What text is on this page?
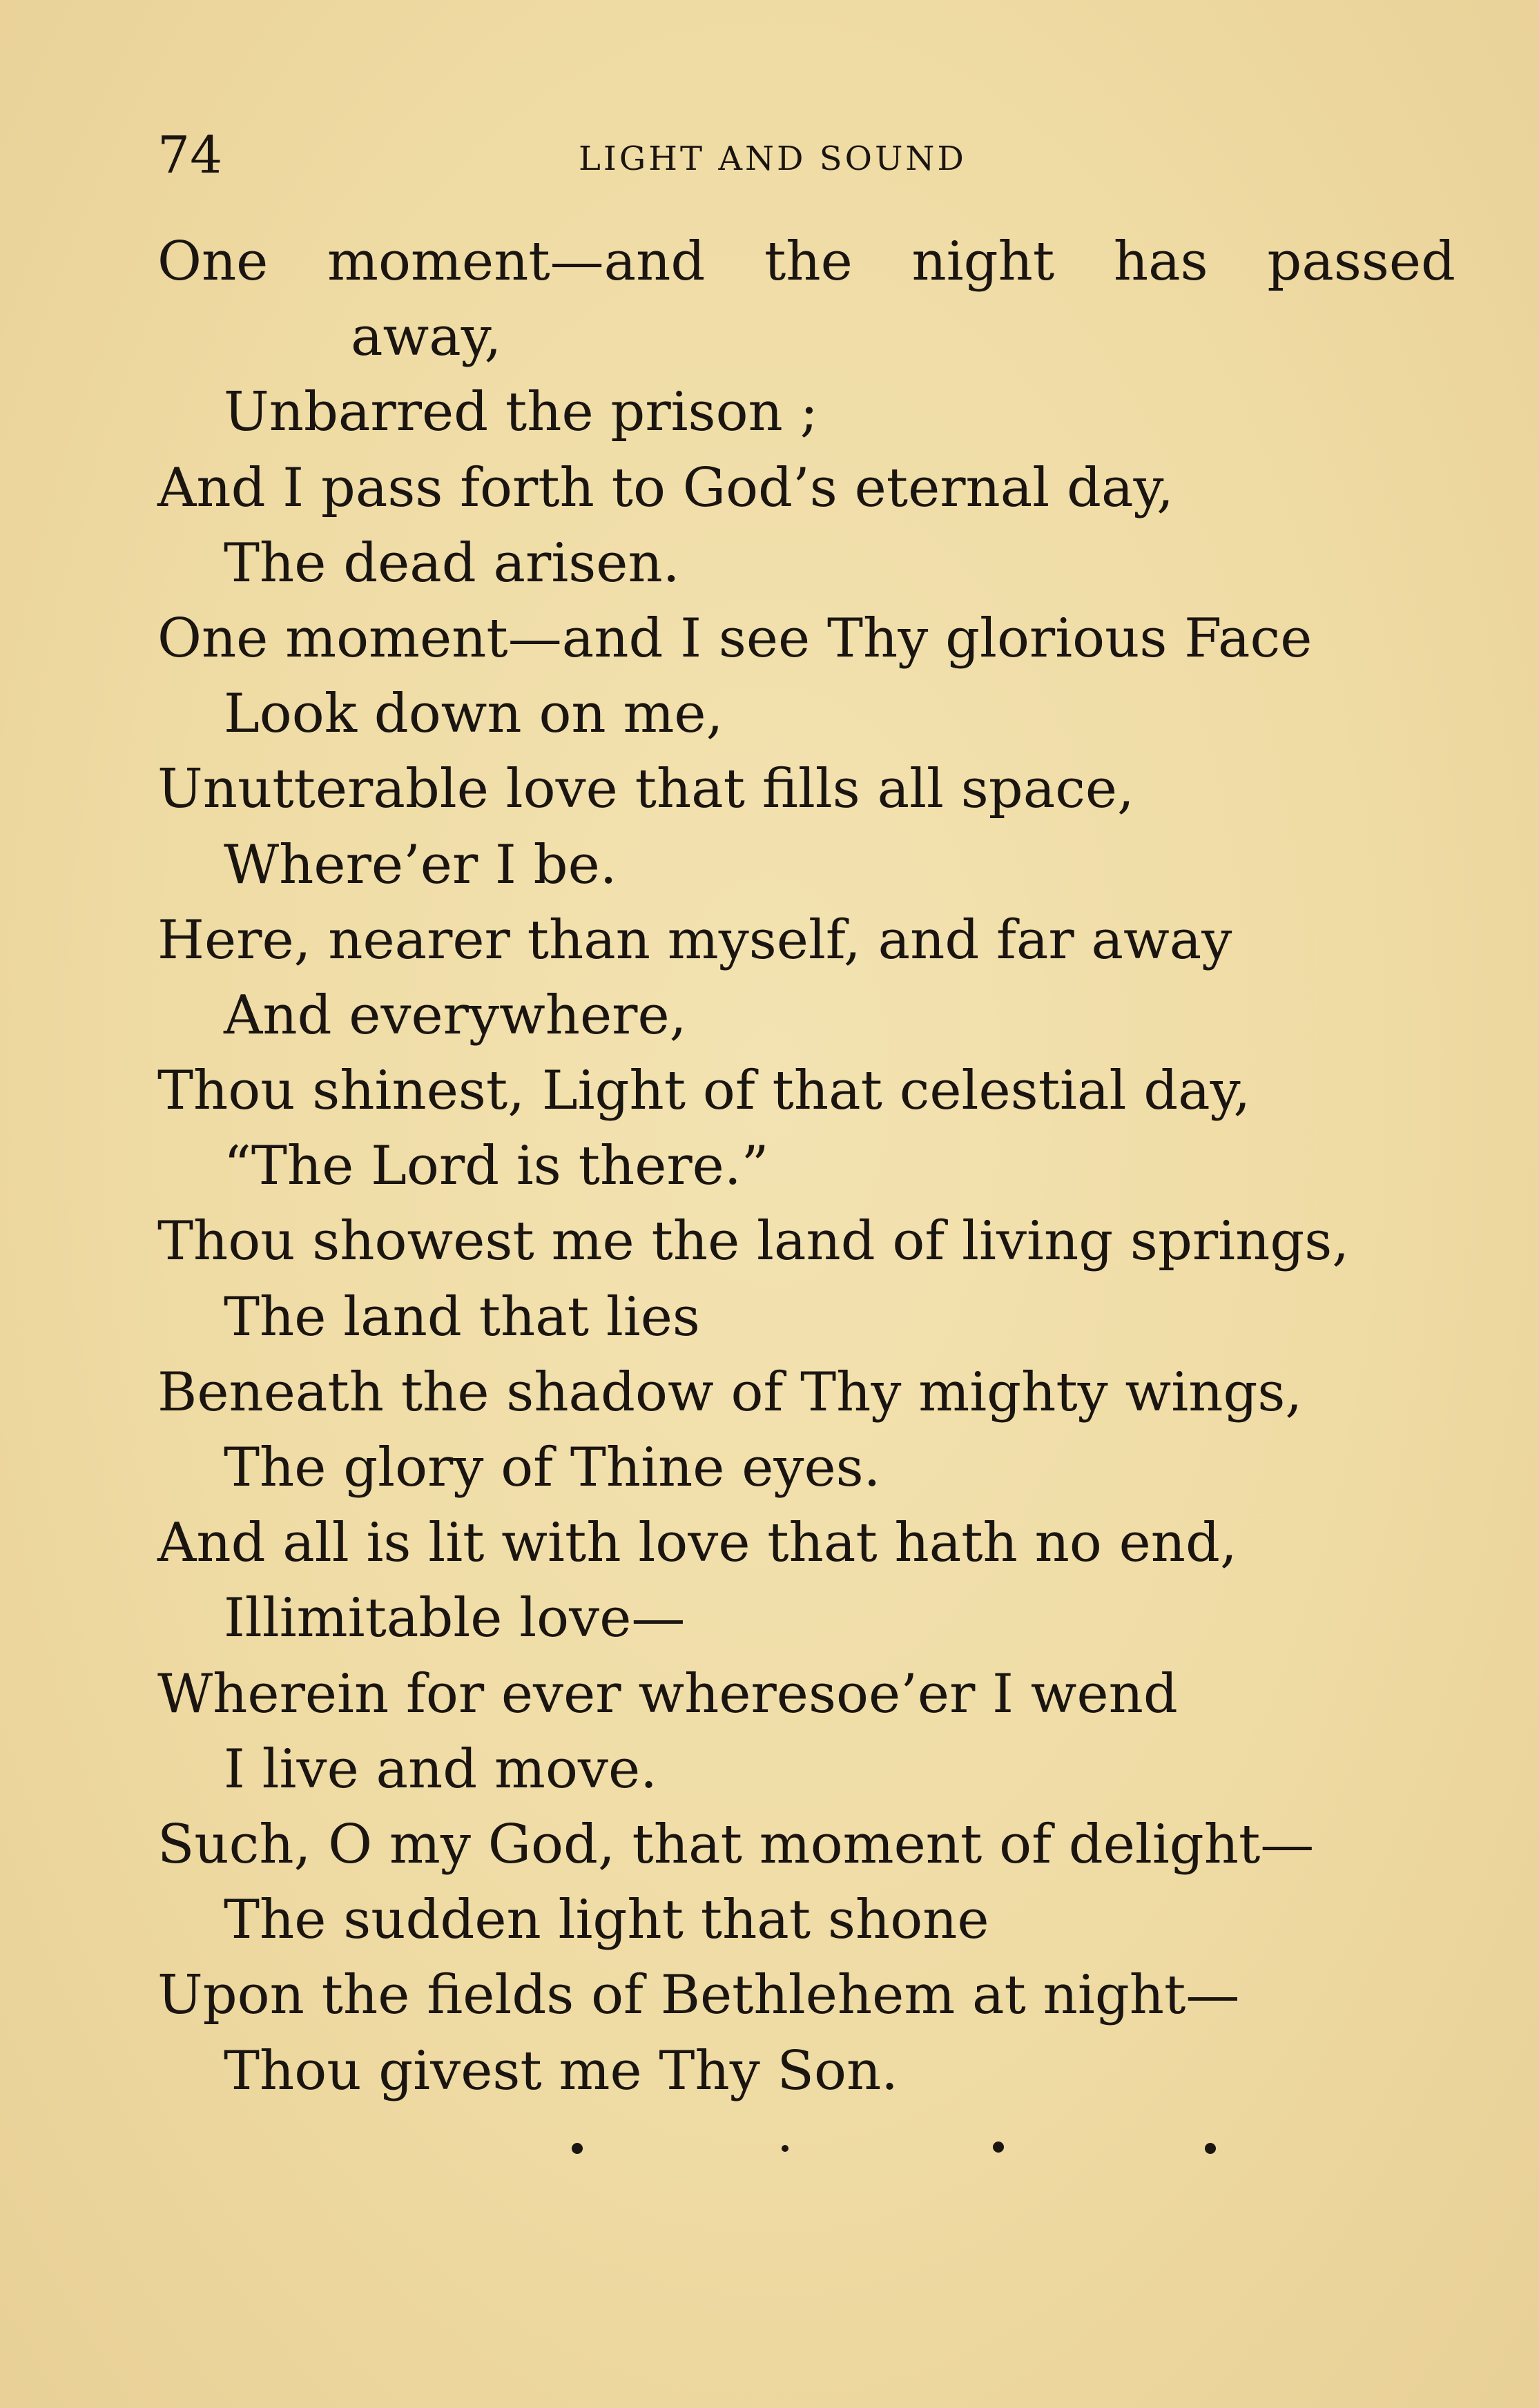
74	LIGHT AND SOUND
One moment—and the night has passed
away,
Unbarred the prison ;
And I pass forth to God’s eternal day,
The dead arisen.
One moment—and I see Thy glorious Face
Look down on me,
Unutterable love that fills all space,
Where’er I be.
Here, nearer than myself, and far away
And everywhere,
Thou shinest, Light of that celestial day,
“The Lord is there.”
Thou showest me the land of living springs,
The land that lies
Beneath the shadow of Thy mighty wings,
The glory of Thine eyes.
And all is lit with love that hath no end,
Illimitable love—
Wherein for ever wheresoe’er I wend
I live and move.
Such, O my God, that moment of delight—
The sudden light that shone
Upon the fields of Bethlehem at night—
Thou givest me Thy Son.
